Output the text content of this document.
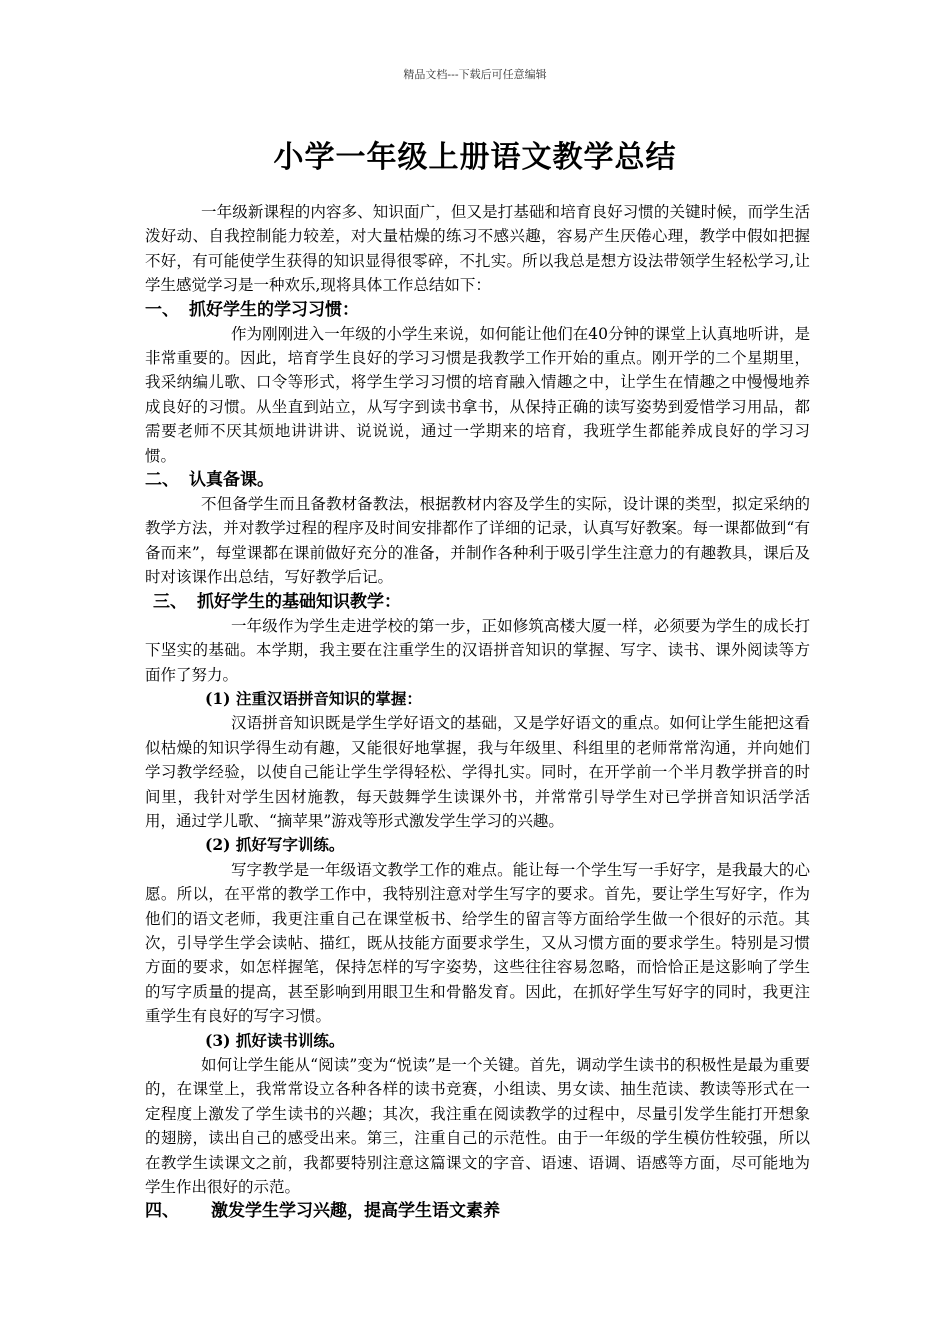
精品文档---下载后可任意编辑
小学一年级上册语文教学总结

一年级新课程的内容多、知识面广，但又是打基础和培育良好习惯的关键时候，而学生活泼好动、自我控制能力较差，对大量枯燥的练习不感兴趣，容易产生厌倦心理，教学中假如把握不好，有可能使学生获得的知识显得很零碎，不扎实。所以我总是想方设法带领学生轻松学习,让学生感觉学习是一种欢乐,现将具体工作总结如下：

一、 抓好学生的学习习惯：

作为刚刚进入一年级的小学生来说，如何能让他们在40分钟的课堂上认真地听讲，是非常重要的。因此，培育学生良好的学习习惯是我教学工作开始的重点。刚开学的二个星期里，我采纳编儿歌、口令等形式，将学生学习习惯的培育融入情趣之中，让学生在情趣之中慢慢地养成良好的习惯。从坐直到站立，从写字到读书拿书，从保持正确的读写姿势到爱惜学习用品，都需要老师不厌其烦地讲讲讲、说说说，通过一学期来的培育，我班学生都能养成良好的学习习惯。

二、 认真备课。

不但备学生而且备教材备教法，根据教材内容及学生的实际，设计课的类型，拟定采纳的教学方法，并对教学过程的程序及时间安排都作了详细的记录，认真写好教案。每一课都做到“有备而来”，每堂课都在课前做好充分的准备，并制作各种利于吸引学生注意力的有趣教具，课后及时对该课作出总结，写好教学后记。

三、 抓好学生的基础知识教学：

一年级作为学生走进学校的第一步，正如修筑高楼大厦一样，必须要为学生的成长打下坚实的基础。本学期，我主要在注重学生的汉语拼音知识的掌握、写字、读书、课外阅读等方面作了努力。

(1) 注重汉语拼音知识的掌握：

汉语拼音知识既是学生学好语文的基础，又是学好语文的重点。如何让学生能把这看似枯燥的知识学得生动有趣，又能很好地掌握，我与年级里、科组里的老师常常沟通，并向她们学习教学经验，以使自己能让学生学得轻松、学得扎实。同时，在开学前一个半月教学拼音的时间里，我针对学生因材施教，每天鼓舞学生读课外书，并常常引导学生对已学拼音知识活学活用，通过学儿歌、“摘苹果”游戏等形式激发学生学习的兴趣。

(2) 抓好写字训练。

写字教学是一年级语文教学工作的难点。能让每一个学生写一手好字，是我最大的心愿。所以，在平常的教学工作中，我特别注意对学生写字的要求。首先，要让学生写好字，作为他们的语文老师，我更注重自己在课堂板书、给学生的留言等方面给学生做一个很好的示范。其次，引导学生学会读帖、描红，既从技能方面要求学生，又从习惯方面的要求学生。特别是习惯方面的要求，如怎样握笔，保持怎样的写字姿势，这些往往容易忽略，而恰恰正是这影响了学生的写字质量的提高，甚至影响到用眼卫生和骨骼发育。因此，在抓好学生写好字的同时，我更注重学生有良好的写字习惯。

(3) 抓好读书训练。

如何让学生能从“阅读”变为“悦读”是一个关键。首先，调动学生读书的积极性是最为重要的，在课堂上，我常常设立各种各样的读书竞赛，小组读、男女读、抽生范读、教读等形式在一定程度上激发了学生读书的兴趣；其次，我注重在阅读教学的过程中，尽量引发学生能打开想象的翅膀，读出自己的感受出来。第三，注重自己的示范性。由于一年级的学生模仿性较强，所以在教学生读课文之前，我都要特别注意这篇课文的字音、语速、语调、语感等方面，尽可能地为学生作出很好的示范。

四、 激发学生学习兴趣，提高学生语文素养
